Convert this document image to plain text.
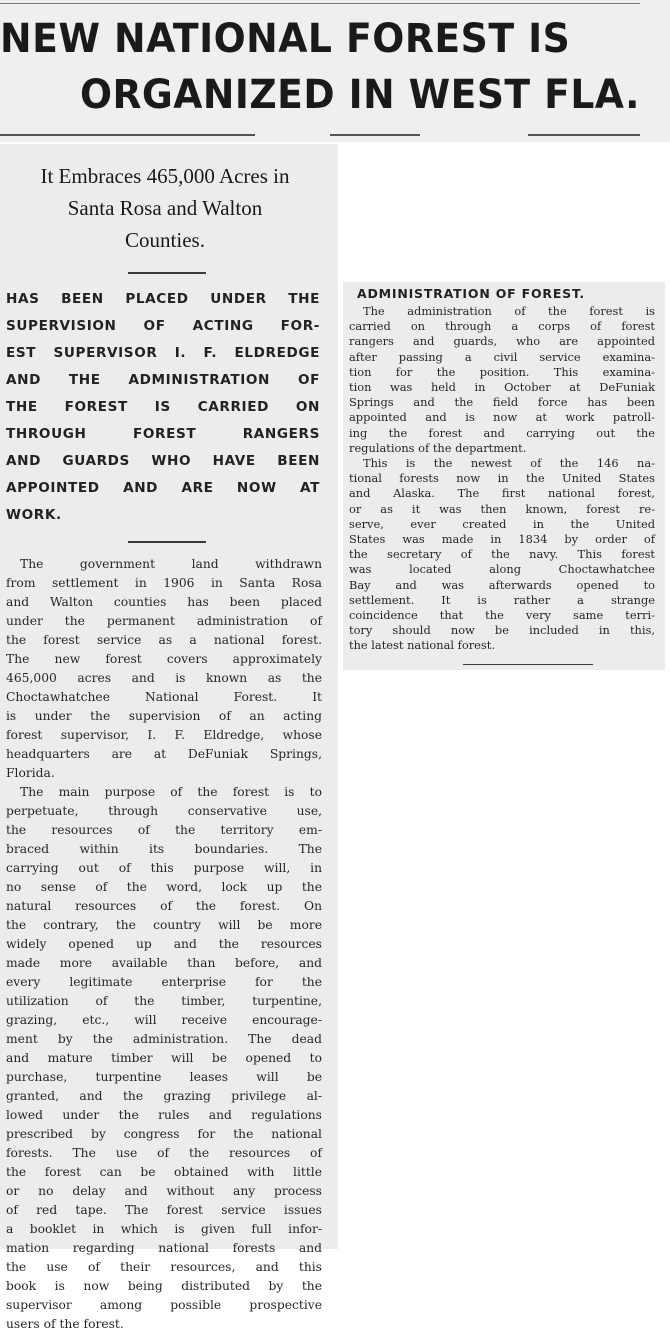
NEW NATIONAL FOREST IS
ORGANIZED IN WEST FLA.
It Embraces 465,000 Acres in
Santa Rosa and Walton
Counties.
HAS BEEN PLACED UNDER THE
SUPERVISION OF ACTING FOR-
EST SUPERVISOR I. F. ELDREDGE
AND THE ADMINISTRATION OF
THE FOREST IS CARRIED ON
THROUGH FOREST RANGERS
AND GUARDS WHO HAVE BEEN
APPOINTED AND ARE NOW AT
WORK.
The government land withdrawn
from settlement in 1906 in Santa Rosa
and Walton counties has been placed
under the permanent administration of
the forest service as a national forest.
The new forest covers approximately
465,000 acres and is known as the
Choctawhatchee National Forest. It
is under the supervision of an acting
forest supervisor, I. F. Eldredge, whose
headquarters are at DeFuniak Springs,
Florida.
The main purpose of the forest is to
perpetuate, through conservative use,
the resources of the territory em-
braced within its boundaries. The
carrying out of this purpose will, in
no sense of the word, lock up the
natural resources of the forest. On
the contrary, the country will be more
widely opened up and the resources
made more available than before, and
every legitimate enterprise for the
utilization of the timber, turpentine,
grazing, etc., will receive encourage-
ment by the administration. The dead
and mature timber will be opened to
purchase, turpentine leases will be
granted, and the grazing privilege al-
lowed under the rules and regulations
prescribed by congress for the national
forests. The use of the resources of
the forest can be obtained with little
or no delay and without any process
of red tape. The forest service issues
a booklet in which is given full infor-
mation regarding national forests and
the use of their resources, and this
book is now being distributed by the
supervisor among possible prospective
users of the forest.
ADMINISTRATION OF FOREST.
The administration of the forest is
carried on through a corps of forest
rangers and guards, who are appointed
after passing a civil service examina-
tion for the position. This examina-
tion was held in October at DeFuniak
Springs and the field force has been
appointed and is now at work patroll-
ing the forest and carrying out the
regulations of the department.
This is the newest of the 146 na-
tional forests now in the United States
and Alaska. The first national forest,
or as it was then known, forest re-
serve, ever created in the United
States was made in 1834 by order of
the secretary of the navy. This forest
was located along Choctawhatchee
Bay and was afterwards opened to
settlement. It is rather a strange
coincidence that the very same terri-
tory should now be included in this,
the latest national forest.
